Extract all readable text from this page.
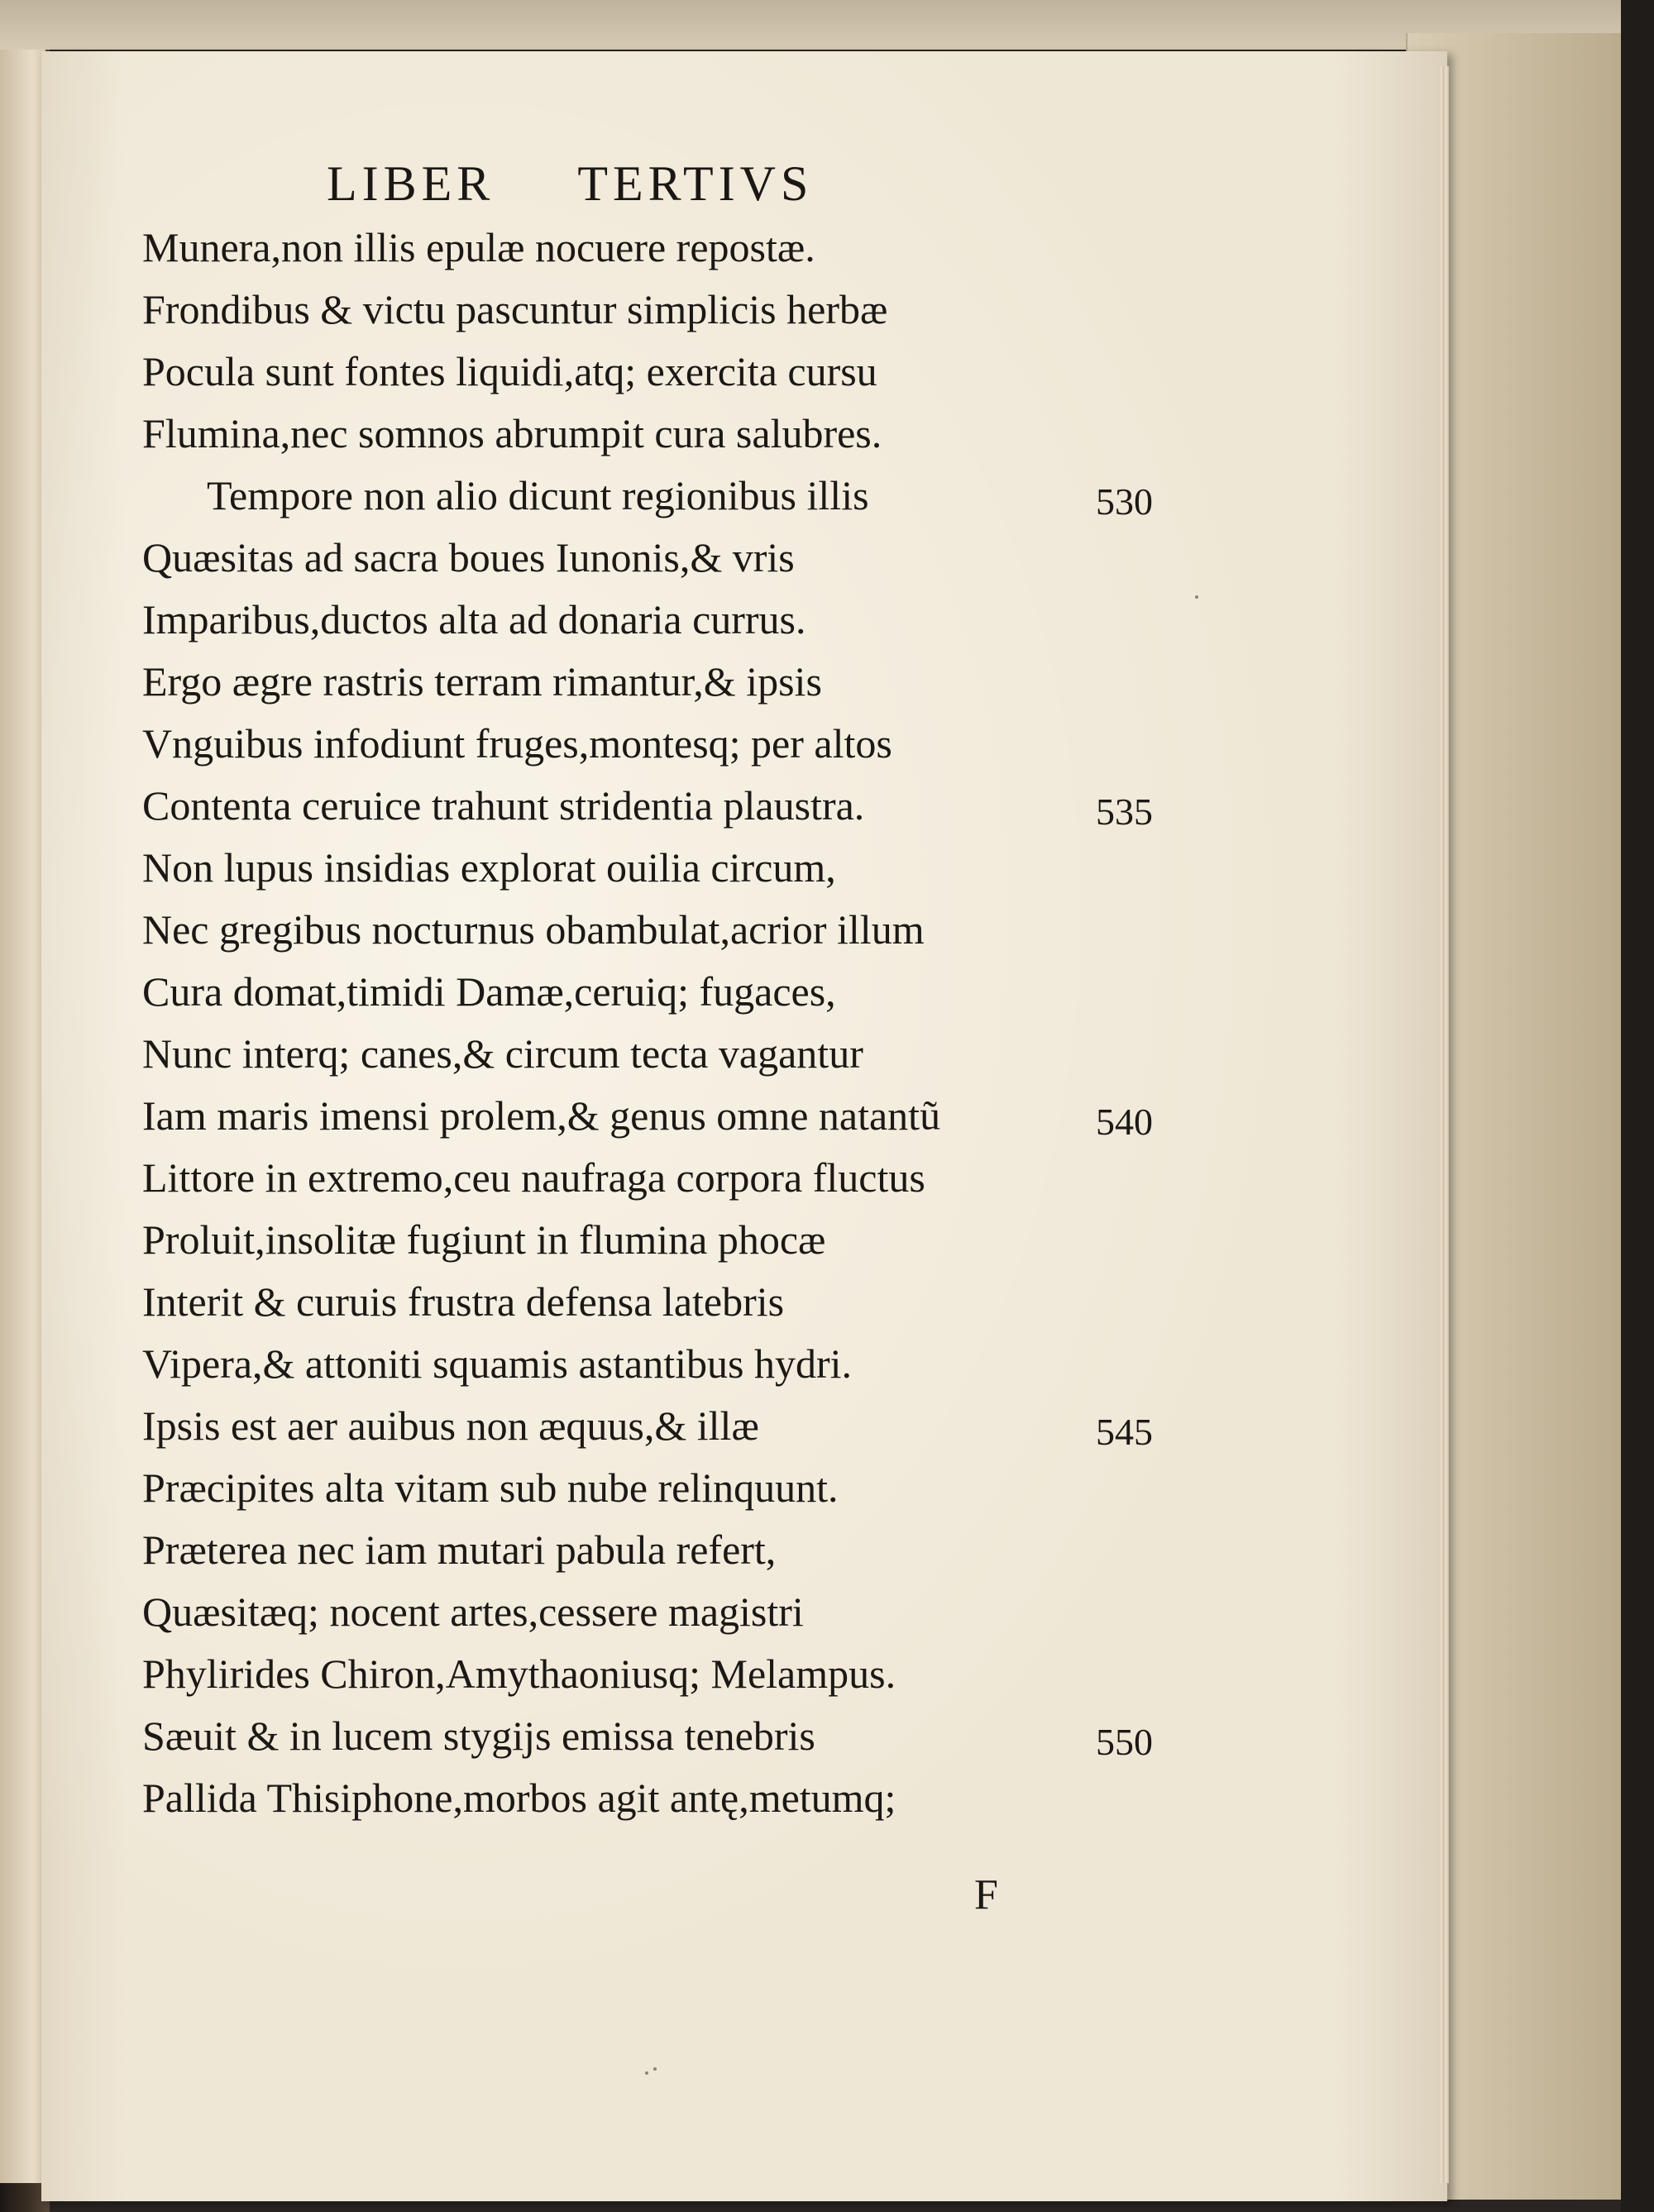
LIBER TERTIVS
Munera,non illis epulæ nocuere repostæ.
Frondibus & victu pascuntur simplicis herbæ
Pocula sunt fontes liquidi,atq; exercita cursu
Flumina,nec somnos abrumpit cura salubres.
Tempore non alio dicunt regionibus illis
Quæsitas ad sacra boues Iunonis,& vris
Imparibus,ductos alta ad donaria currus.
Ergo ægre rastris terram rimantur,& ipsis
Vnguibus infodiunt fruges,montesq; per altos
Contenta ceruice trahunt stridentia plaustra.
Non lupus insidias explorat ouilia circum,
Nec gregibus nocturnus obambulat,acrior illum
Cura domat,timidi Damæ,ceruiq; fugaces,
Nunc interq; canes,& circum tecta vagantur
Iam maris imensi prolem,& genus omne natantũ
Littore in extremo,ceu naufraga corpora fluctus
Proluit,insolitæ fugiunt in flumina phocæ
Interit & curuis frustra defensa latebris
Vipera,& attoniti squamis astantibus hydri.
Ipsis est aer auibus non æquus,& illæ
Præcipites alta vitam sub nube relinquunt.
Præterea nec iam mutari pabula refert,
Quæsitæq; nocent artes,cessere magistri
Phylirides Chiron,Amythaoniusq; Melampus.
Sæuit & in lucem stygijs emissa tenebris
Pallida Thisiphone,morbos agit antę,metumq;
530
535
540
545
550
F
